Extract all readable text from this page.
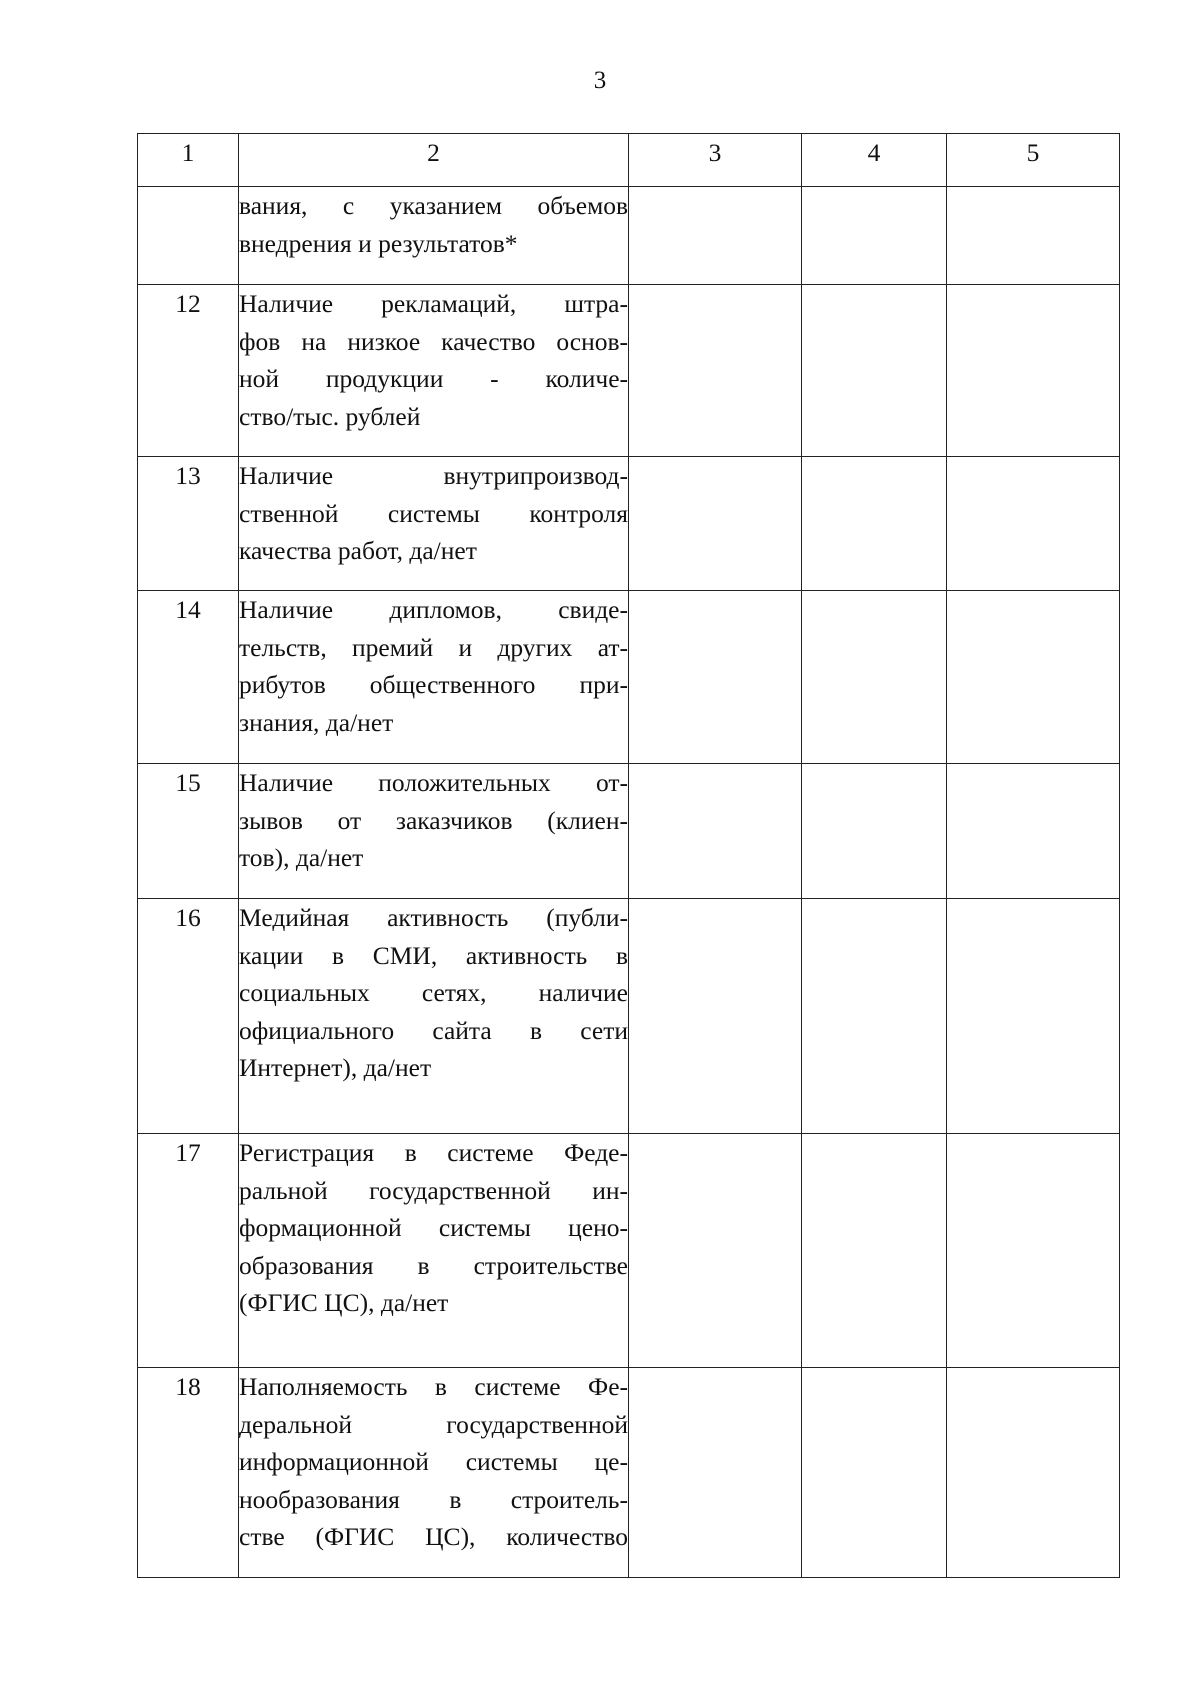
3
1	2	3	4	5

	вания, с указанием объемов
внедрения и результатов*			

12	Наличие рекламаций, штра-
фов на низкое качество основ-
ной продукции - количе-
ство/тыс. рублей			

13	Наличие внутрипроизвод-
ственной системы контроля
качества работ, да/нет			

14	Наличие дипломов, свиде-
тельств, премий и других ат-
рибутов общественного при-
знания, да/нет			

15	Наличие положительных от-
зывов от заказчиков (клиен-
тов), да/нет			

16	Медийная активность (публи-
кации в СМИ, активность в
социальных сетях, наличие
официального сайта в сети
Интернет), да/нет			

17	Регистрация в системе Феде-
ральной государственной ин-
формационной системы цено-
образования в строительстве
(ФГИС ЦС), да/нет			

18	Наполняемость в системе Фе-
деральной государственной
информационной системы це-
нообразования в строитель-
стве (ФГИС ЦС), количество			
